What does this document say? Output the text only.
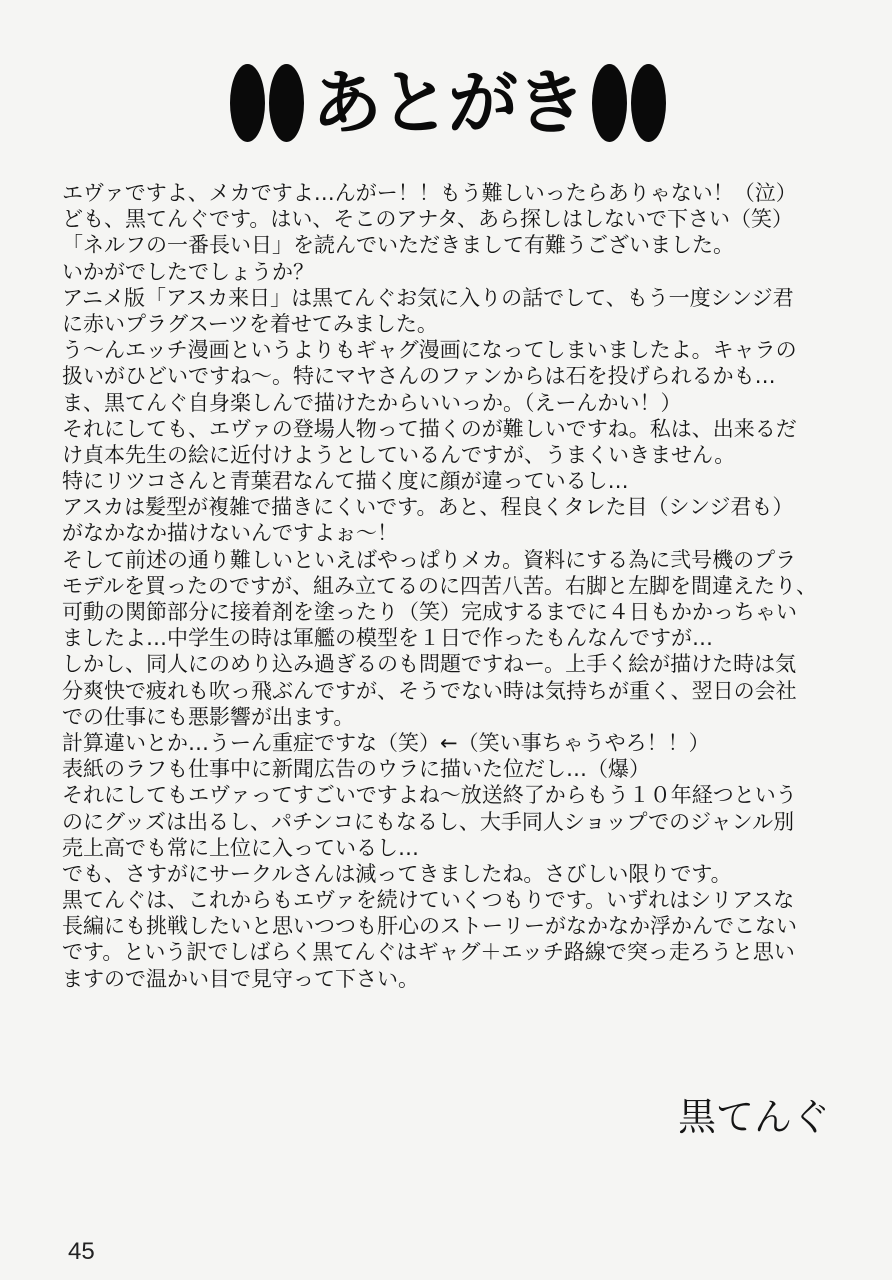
あとがき
エヴァですよ、メカですよ…んがー！！もう難しいったらありゃない！（泣）
ども、黒てんぐです。はい、そこのアナタ、あら探しはしないで下さい（笑）
「ネルフの一番長い日」を読んでいただきまして有難うございました。
いかがでしたでしょうか？
アニメ版「アスカ来日」は黒てんぐお気に入りの話でして、もう一度シンジ君
に赤いプラグスーツを着せてみました。
う～んエッチ漫画というよりもギャグ漫画になってしまいましたよ。キャラの
扱いがひどいですね～。特にマヤさんのファンからは石を投げられるかも…
ま、黒てんぐ自身楽しんで描けたからいいっか。（えーんかい！）
それにしても、エヴァの登場人物って描くのが難しいですね。私は、出来るだ
け貞本先生の絵に近付けようとしているんですが、うまくいきません。
特にリツコさんと青葉君なんて描く度に顔が違っているし…
アスカは髪型が複雑で描きにくいです。あと、程良くタレた目（シンジ君も）
がなかなか描けないんですよぉ～！
そして前述の通り難しいといえばやっぱりメカ。資料にする為に弐号機のプラ
モデルを買ったのですが、組み立てるのに四苦八苦。右脚と左脚を間違えたり、
可動の関節部分に接着剤を塗ったり（笑）完成するまでに４日もかかっちゃい
ましたよ…中学生の時は軍艦の模型を１日で作ったもんなんですが…
しかし、同人にのめり込み過ぎるのも問題ですねー。上手く絵が描けた時は気
分爽快で疲れも吹っ飛ぶんですが、そうでない時は気持ちが重く、翌日の会社
での仕事にも悪影響が出ます。
計算違いとか…うーん重症ですな（笑）←（笑い事ちゃうやろ！！）
表紙のラフも仕事中に新聞広告のウラに描いた位だし…（爆）
それにしてもエヴァってすごいですよね～放送終了からもう１０年経つという
のにグッズは出るし、パチンコにもなるし、大手同人ショップでのジャンル別
売上高でも常に上位に入っているし…
でも、さすがにサークルさんは減ってきましたね。さびしい限りです。
黒てんぐは、これからもエヴァを続けていくつもりです。いずれはシリアスな
長編にも挑戦したいと思いつつも肝心のストーリーがなかなか浮かんでこない
です。という訳でしばらく黒てんぐはギャグ＋エッチ路線で突っ走ろうと思い
ますので温かい目で見守って下さい。
黒てんぐ
45
